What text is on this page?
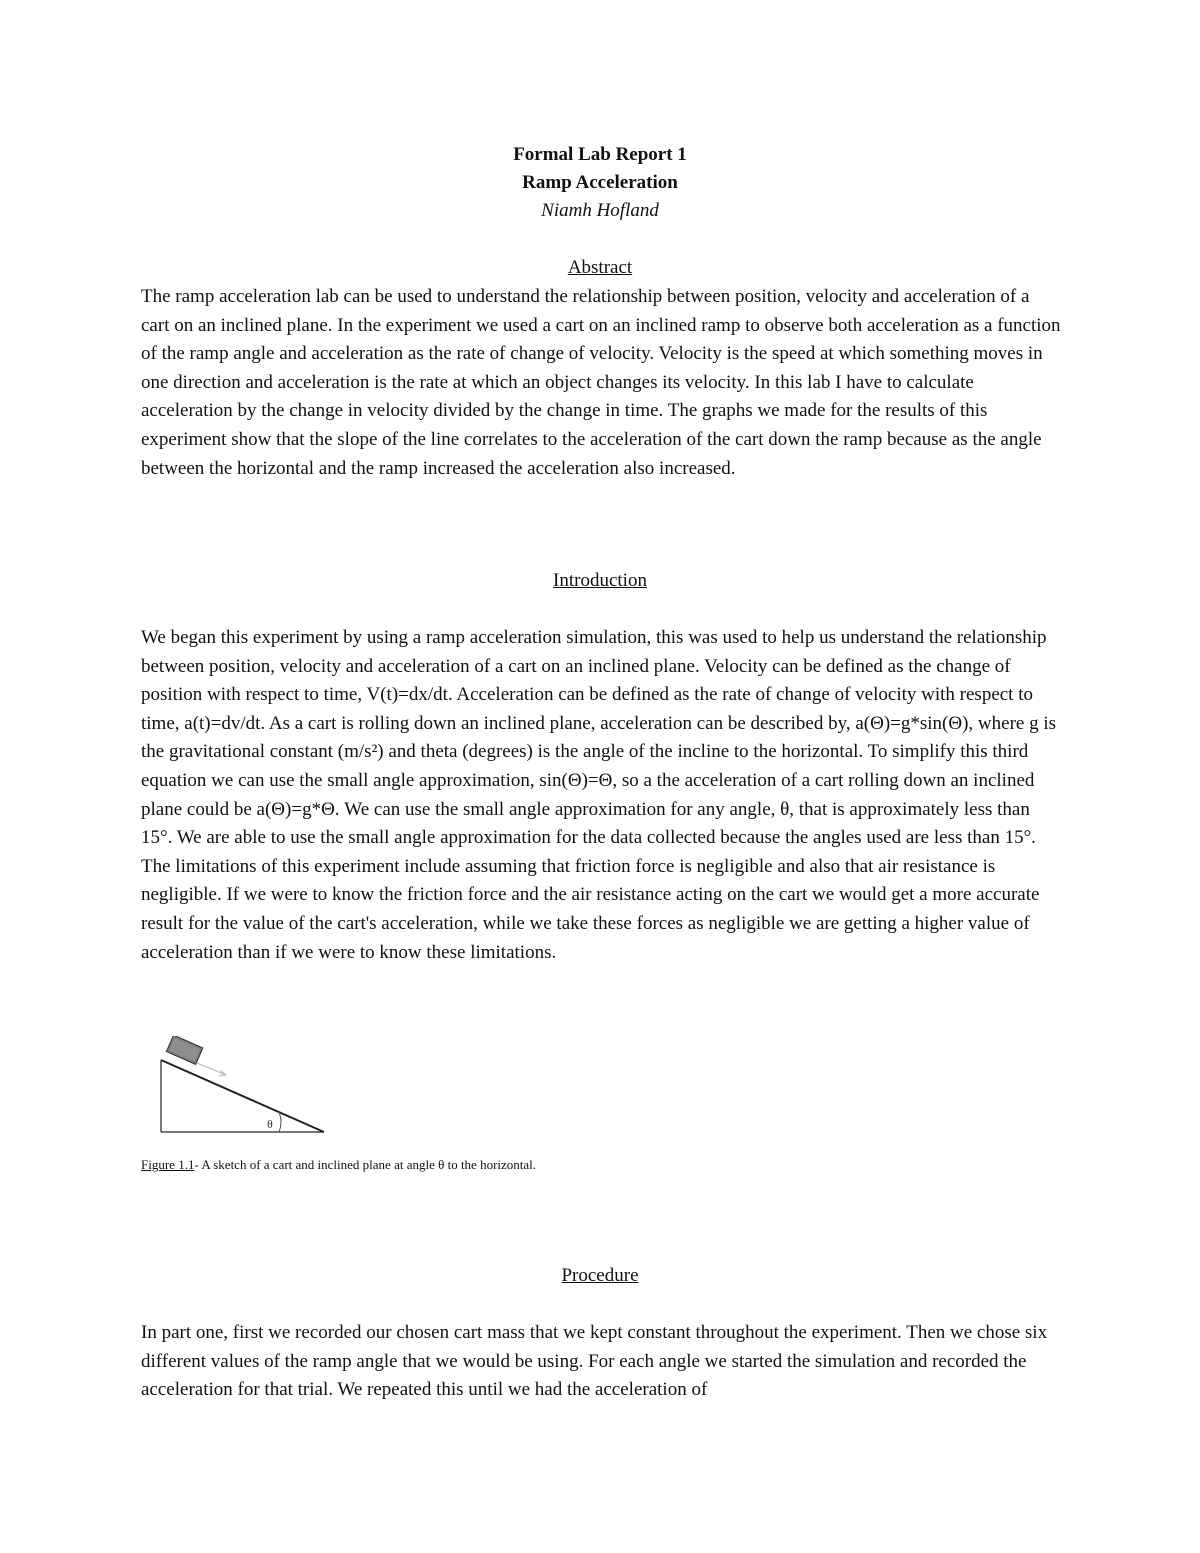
Formal Lab Report 1
Ramp Acceleration
Niamh Hofland
Abstract

The ramp acceleration lab can be used to understand the relationship between position, velocity and acceleration of a cart on an inclined plane. In the experiment we used a cart on an inclined ramp to observe both acceleration as a function of the ramp angle and acceleration as the rate of change of velocity. Velocity is the speed at which something moves in one direction and acceleration is the rate at which an object changes its velocity. In this lab I have to calculate acceleration by the change in velocity divided by the change in time. The graphs we made for the results of this experiment show that the slope of the line correlates to the acceleration of the cart down the ramp because as the angle between the horizontal and the ramp increased the acceleration also increased.

Introduction

We began this experiment by using a ramp acceleration simulation, this was used to help us understand the relationship between position, velocity and acceleration of a cart on an inclined plane. Velocity can be defined as the change of position with respect to time, V(t)=dx/dt. Acceleration can be defined as the rate of change of velocity with respect to time, a(t)=dv/dt. As a cart is rolling down an inclined plane, acceleration can be described by, a(Θ)=g*sin(Θ), where g is the gravitational constant (m/s²) and theta (degrees) is the angle of the incline to the horizontal. To simplify this third equation we can use the small angle approximation, sin(Θ)=Θ, so a the acceleration of a cart rolling down an inclined plane could be a(Θ)=g*Θ. We can use the small angle approximation for any angle, θ, that is approximately less than 15°. We are able to use the small angle approximation for the data collected because the angles used are less than 15°. The limitations of this experiment include assuming that friction force is negligible and also that air resistance is negligible. If we were to know the friction force and the air resistance acting on the cart we would get a more accurate result for the value of the cart's acceleration, while we take these forces as negligible we are getting a higher value of acceleration than if we were to know these limitations.

θ
Figure 1.1- A sketch of a cart and inclined plane at angle θ to the horizontal.
Procedure

In part one, first we recorded our chosen cart mass that we kept constant throughout the experiment. Then we chose six different values of the ramp angle that we would be using. For each angle we started the simulation and recorded the acceleration for that trial. We repeated this until we had the acceleration of
